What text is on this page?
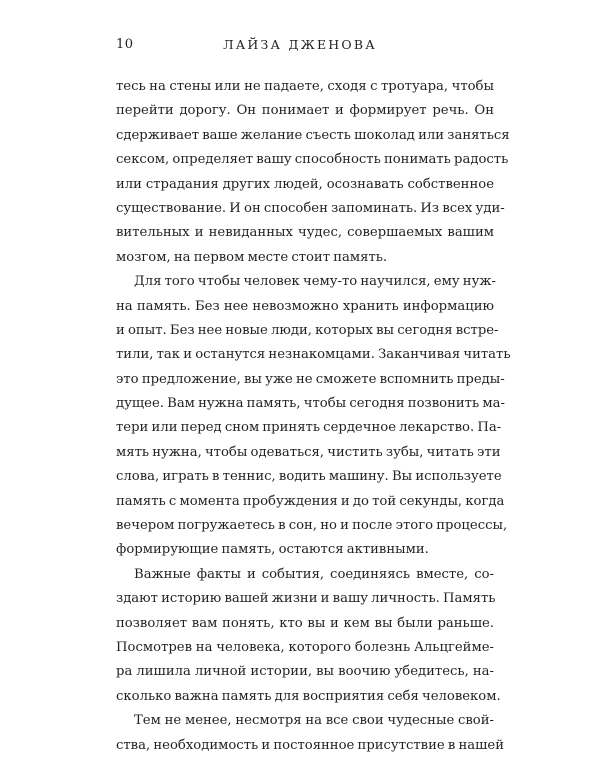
10	ЛАЙЗА ДЖЕНОВА
тесь на стены или не падаете, сходя с тротуара, чтобы
перейти дорогу. Он понимает и формирует речь. Он
сдерживает ваше желание съесть шоколад или заняться
сексом, определяет вашу способность понимать радость
или страдания других людей, осознавать собственное
существование. И он способен запоминать. Из всех уди-
вительных и невиданных чудес, совершаемых вашим
мозгом, на первом месте стоит память.
Для того чтобы человек чему-то научился, ему нуж-
на память. Без нее невозможно хранить информацию
и опыт. Без нее новые люди, которых вы сегодня встре-
тили, так и останутся незнакомцами. Заканчивая читать
это предложение, вы уже не сможете вспомнить преды-
дущее. Вам нужна память, чтобы сегодня позвонить ма-
тери или перед сном принять сердечное лекарство. Па-
мять нужна, чтобы одеваться, чистить зубы, читать эти
слова, играть в теннис, водить машину. Вы используете
память с момента пробуждения и до той секунды, когда
вечером погружаетесь в сон, но и после этого процессы,
формирующие память, остаются активными.
Важные факты и события, соединяясь вместе, со-
здают историю вашей жизни и вашу личность. Память
позволяет вам понять, кто вы и кем вы были раньше.
Посмотрев на человека, которого болезнь Альцгейме-
ра лишила личной истории, вы воочию убедитесь, на-
сколько важна память для восприятия себя человеком.
Тем не менее, несмотря на все свои чудесные свой-
ства, необходимость и постоянное присутствие в нашей
